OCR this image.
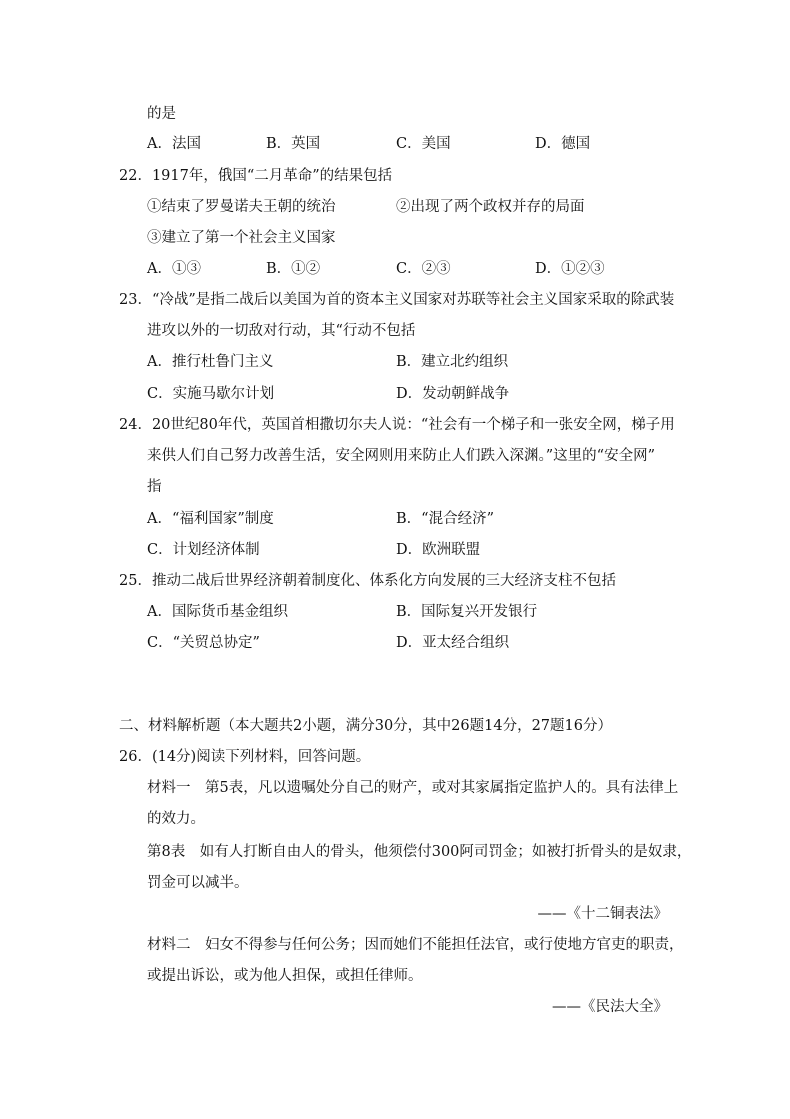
的是
A．法国	B．英国	C．美国	D．德国
22．1917年，俄国“二月革命”的结果包括
①结束了罗曼诺夫王朝的统治	②出现了两个政权并存的局面
③建立了第一个社会主义国家
A．①③	B．①②	C．②③	D．①②③
23．“冷战”是指二战后以美国为首的资本主义国家对苏联等社会主义国家采取的除武装
进攻以外的一切敌对行动，其“行动不包括
A．推行杜鲁门主义	B．建立北约组织
C．实施马歇尔计划	D．发动朝鲜战争
24．20世纪80年代，英国首相撒切尔夫人说：“社会有一个梯子和一张安全网，梯子用
来供人们自己努力改善生活，安全网则用来防止人们跌入深渊。”这里的“安全网”
指
A．“福利国家”制度	B．“混合经济”
C．计划经济体制	D．欧洲联盟
25．推动二战后世界经济朝着制度化、体系化方向发展的三大经济支柱不包括
A．国际货币基金组织	B．国际复兴开发银行
C．“关贸总协定”	D．亚太经合组织
二、材料解析题（本大题共2小题，满分30分，其中26题14分，27题16分）
26．(14分)阅读下列材料，回答问题。
材料一　第5表，凡以遗嘱处分自己的财产，或对其家属指定监护人的。具有法律上
的效力。
第8表　如有人打断自由人的骨头，他须偿付300阿司罚金；如被打折骨头的是奴隶，
罚金可以减半。
——《十二铜表法》
材料二　妇女不得参与任何公务；因而她们不能担任法官，或行使地方官吏的职责，
或提出诉讼，或为他人担保，或担任律师。
——《民法大全》
